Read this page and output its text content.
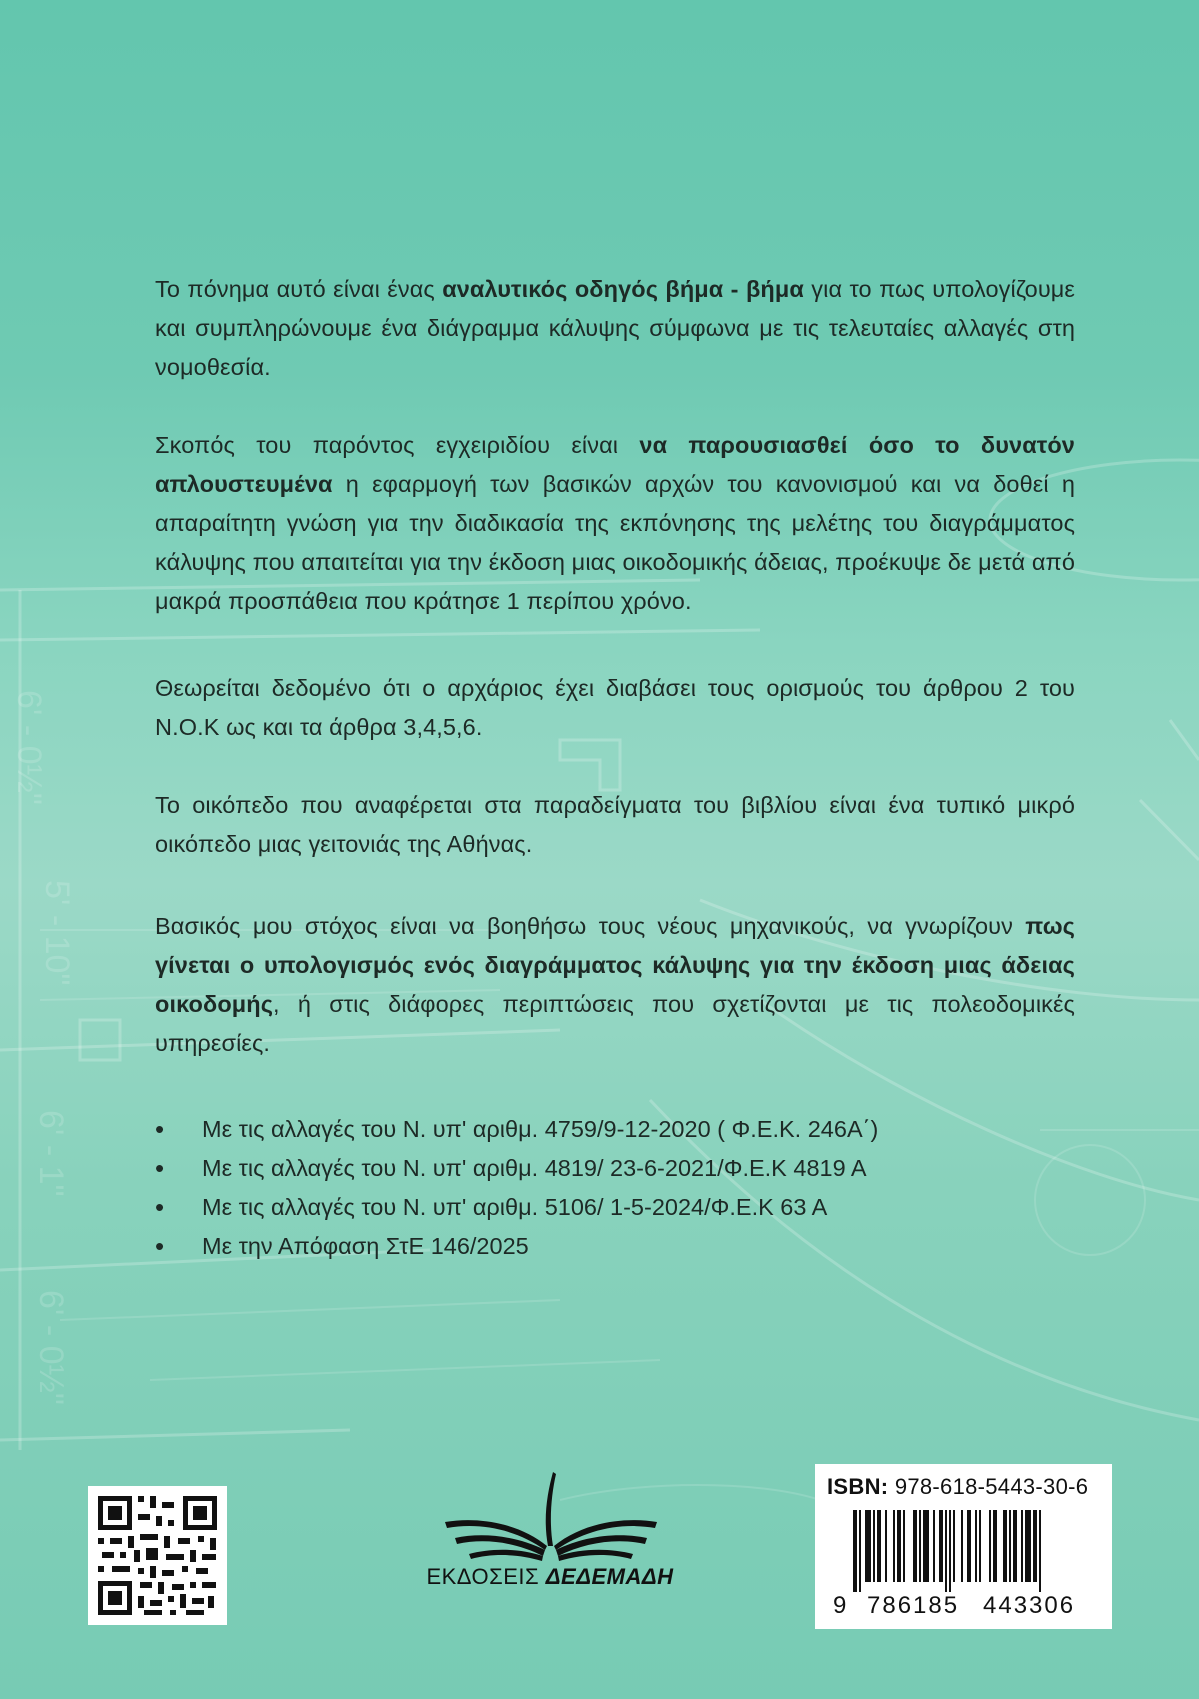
6' - 0½"
5' - 10"
6' - 1"
6' - 0½"

Το πόνημα αυτό είναι ένας αναλυτικός οδηγός βήμα - βήμα για το πως υπολογίζουμε και συμπληρώνουμε ένα διάγραμμα κάλυψης σύμφωνα με τις τελευταίες αλλαγές στη νομοθεσία.

Σκοπός του παρόντος εγχειριδίου είναι να παρουσιασθεί όσο το δυνατόν απλουστευμένα η εφαρμογή των βασικών αρχών του κανονισμού και να δοθεί η απαραίτητη γνώση για την διαδικασία της εκπόνησης της μελέτης του διαγράμματος κάλυψης που απαιτείται για την έκδοση μιας οικοδομικής άδειας, προέκυψε δε μετά από μακρά προσπάθεια που κράτησε 1 περίπου χρόνο.

Θεωρείται δεδομένο ότι ο αρχάριος έχει διαβάσει τους ορισμούς του άρθρου 2 του Ν.Ο.Κ ως και τα άρθρα 3,4,5,6.

Το οικόπεδο που αναφέρεται στα παραδείγματα του βιβλίου είναι ένα τυπικό μικρό οικόπεδο μιας γειτονιάς της Αθήνας.

Βασικός μου στόχος είναι να βοηθήσω τους νέους μηχανικούς, να γνωρίζουν πως γίνεται ο υπολογισμός ενός διαγράμματος κάλυψης για την έκδοση μιας άδειας οικοδομής, ή στις διάφορες περιπτώσεις που σχετίζονται με τις πολεοδομικές υπηρεσίες.

• Με τις αλλαγές του Ν. υπ' αριθμ. 4759/9-12-2020 ( Φ.Ε.Κ. 246Α΄)
• Με τις αλλαγές του Ν. υπ' αριθμ. 4819/ 23-6-2021/Φ.Ε.Κ 4819 Α
• Με τις αλλαγές του Ν. υπ' αριθμ. 5106/ 1-5-2024/Φ.Ε.Κ 63 Α
• Με την Απόφαση ΣτΕ 146/2025
ΕΚΔΟΣΕΙΣ ΔΕΔΕΜΑΔΗ
ISBN: 978-618-5443-30-6
9 786185 443306
